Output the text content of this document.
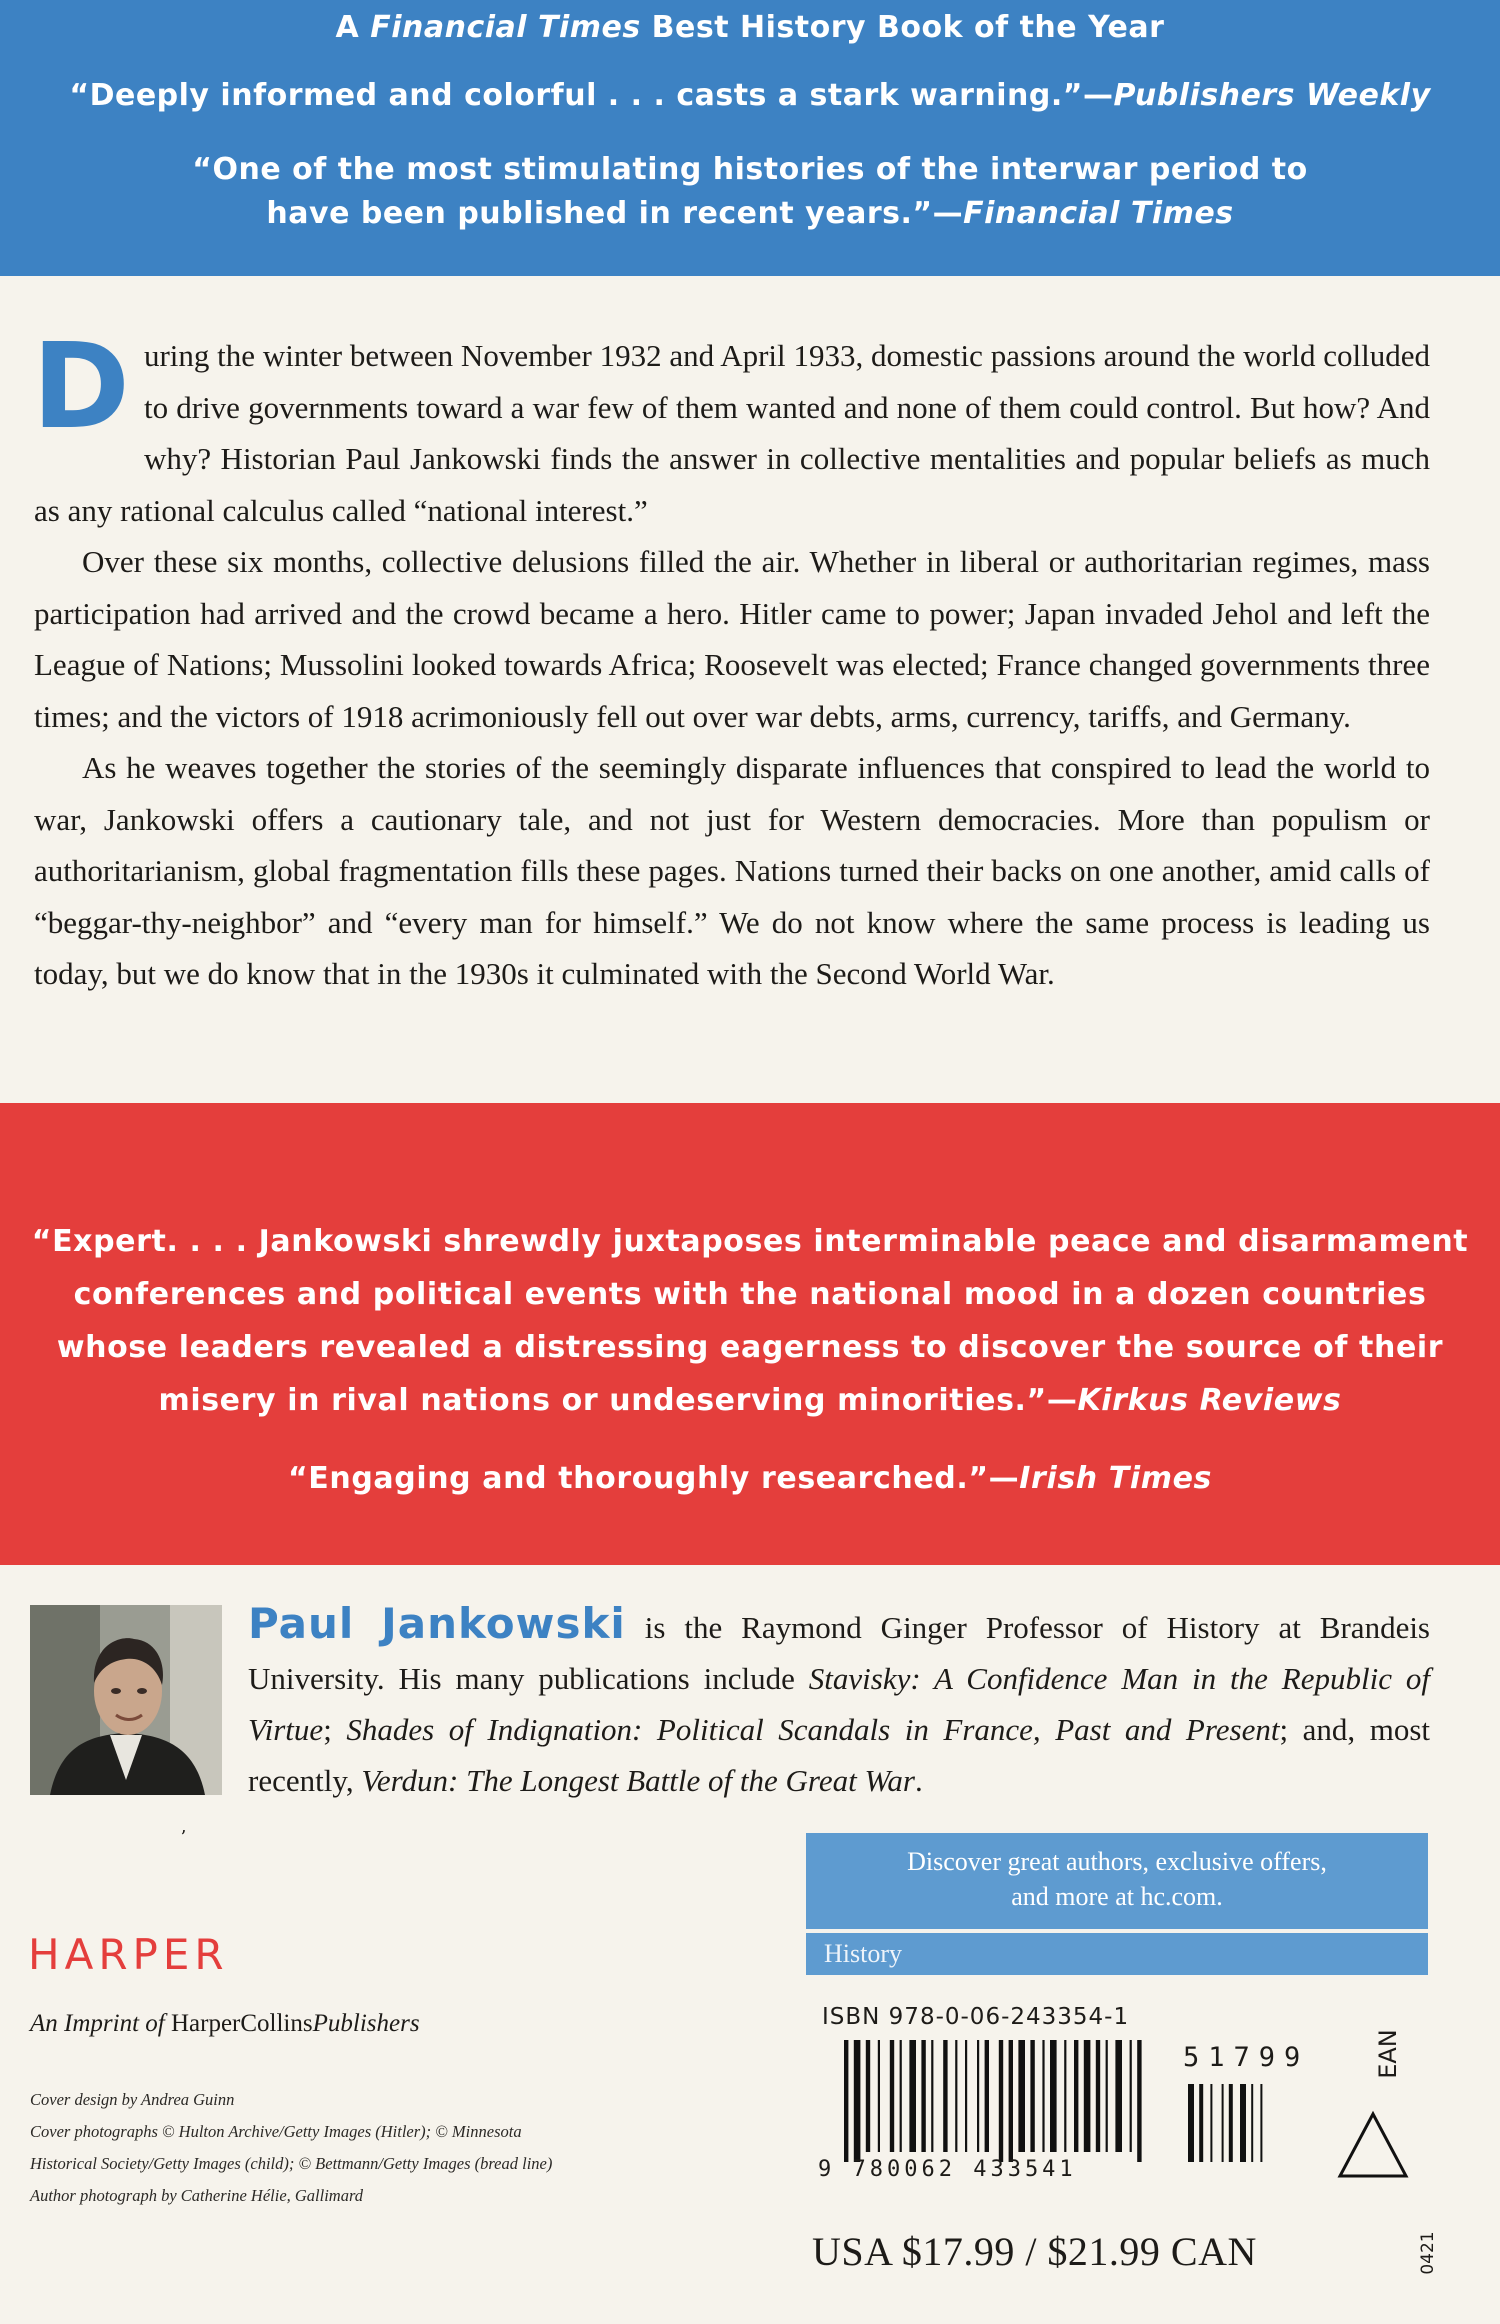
A Financial Times Best History Book of the Year
“Deeply informed and colorful . . . casts a stark warning.”—Publishers Weekly
“One of the most stimulating histories of the interwar period to
have been published in recent years.”—Financial Times

During the winter between November 1932 and April 1933, domestic passions around the world colluded to drive governments toward a war few of them wanted and none of them could control. But how? And why? Historian Paul Jankowski finds the answer in collective mentalities and popular beliefs as much as any rational calculus called “national interest.”

Over these six months, collective delusions filled the air. Whether in liberal or authoritarian regimes, mass participation had arrived and the crowd became a hero. Hitler came to power; Japan invaded Jehol and left the League of Nations; Mussolini looked towards Africa; Roosevelt was elected; France changed governments three times; and the victors of 1918 acrimoniously fell out over war debts, arms, currency, tariffs, and Germany.

As he weaves together the stories of the seemingly disparate influences that conspired to lead the world to war, Jankowski offers a cautionary tale, and not just for Western democracies. More than populism or authoritarianism, global fragmentation fills these pages. Nations turned their backs on one another, amid calls of “beggar-thy-neighbor” and “every man for himself.” We do not know where the same process is leading us today, but we do know that in the 1930s it culminated with the Second World War.

“Expert. . . . Jankowski shrewdly juxtaposes interminable peace and disarmament
conferences and political events with the national mood in a dozen countries
whose leaders revealed a distressing eagerness to discover the source of their
misery in rival nations or undeserving minorities.”—Kirkus Reviews
“Engaging and thoroughly researched.”—Irish Times
Paul Jankowski is the Raymond Ginger Professor of History at Brandeis University. His many publications include Stavisky: A Confidence Man in the Republic of Virtue; Shades of Indignation: Political Scandals in France, Past and Present; and, most recently, Verdun: The Longest Battle of the Great War.
ʼ
Discover great authors, exclusive offers,
and more at hc.com.
History
HARPER
An Imprint of HarperCollinsPublishers
Cover design by Andrea Guinn
Cover photographs © Hulton Archive/Getty Images (Hitler); © Minnesota
Historical Society/Getty Images (child); © Bettmann/Getty Images (bread line)
Author photograph by Catherine Hélie, Gallimard
ISBN 978-0-06-243354-1
9 780062 433541
51799	EAN
USA $17.99 / $21.99 CAN	0421
